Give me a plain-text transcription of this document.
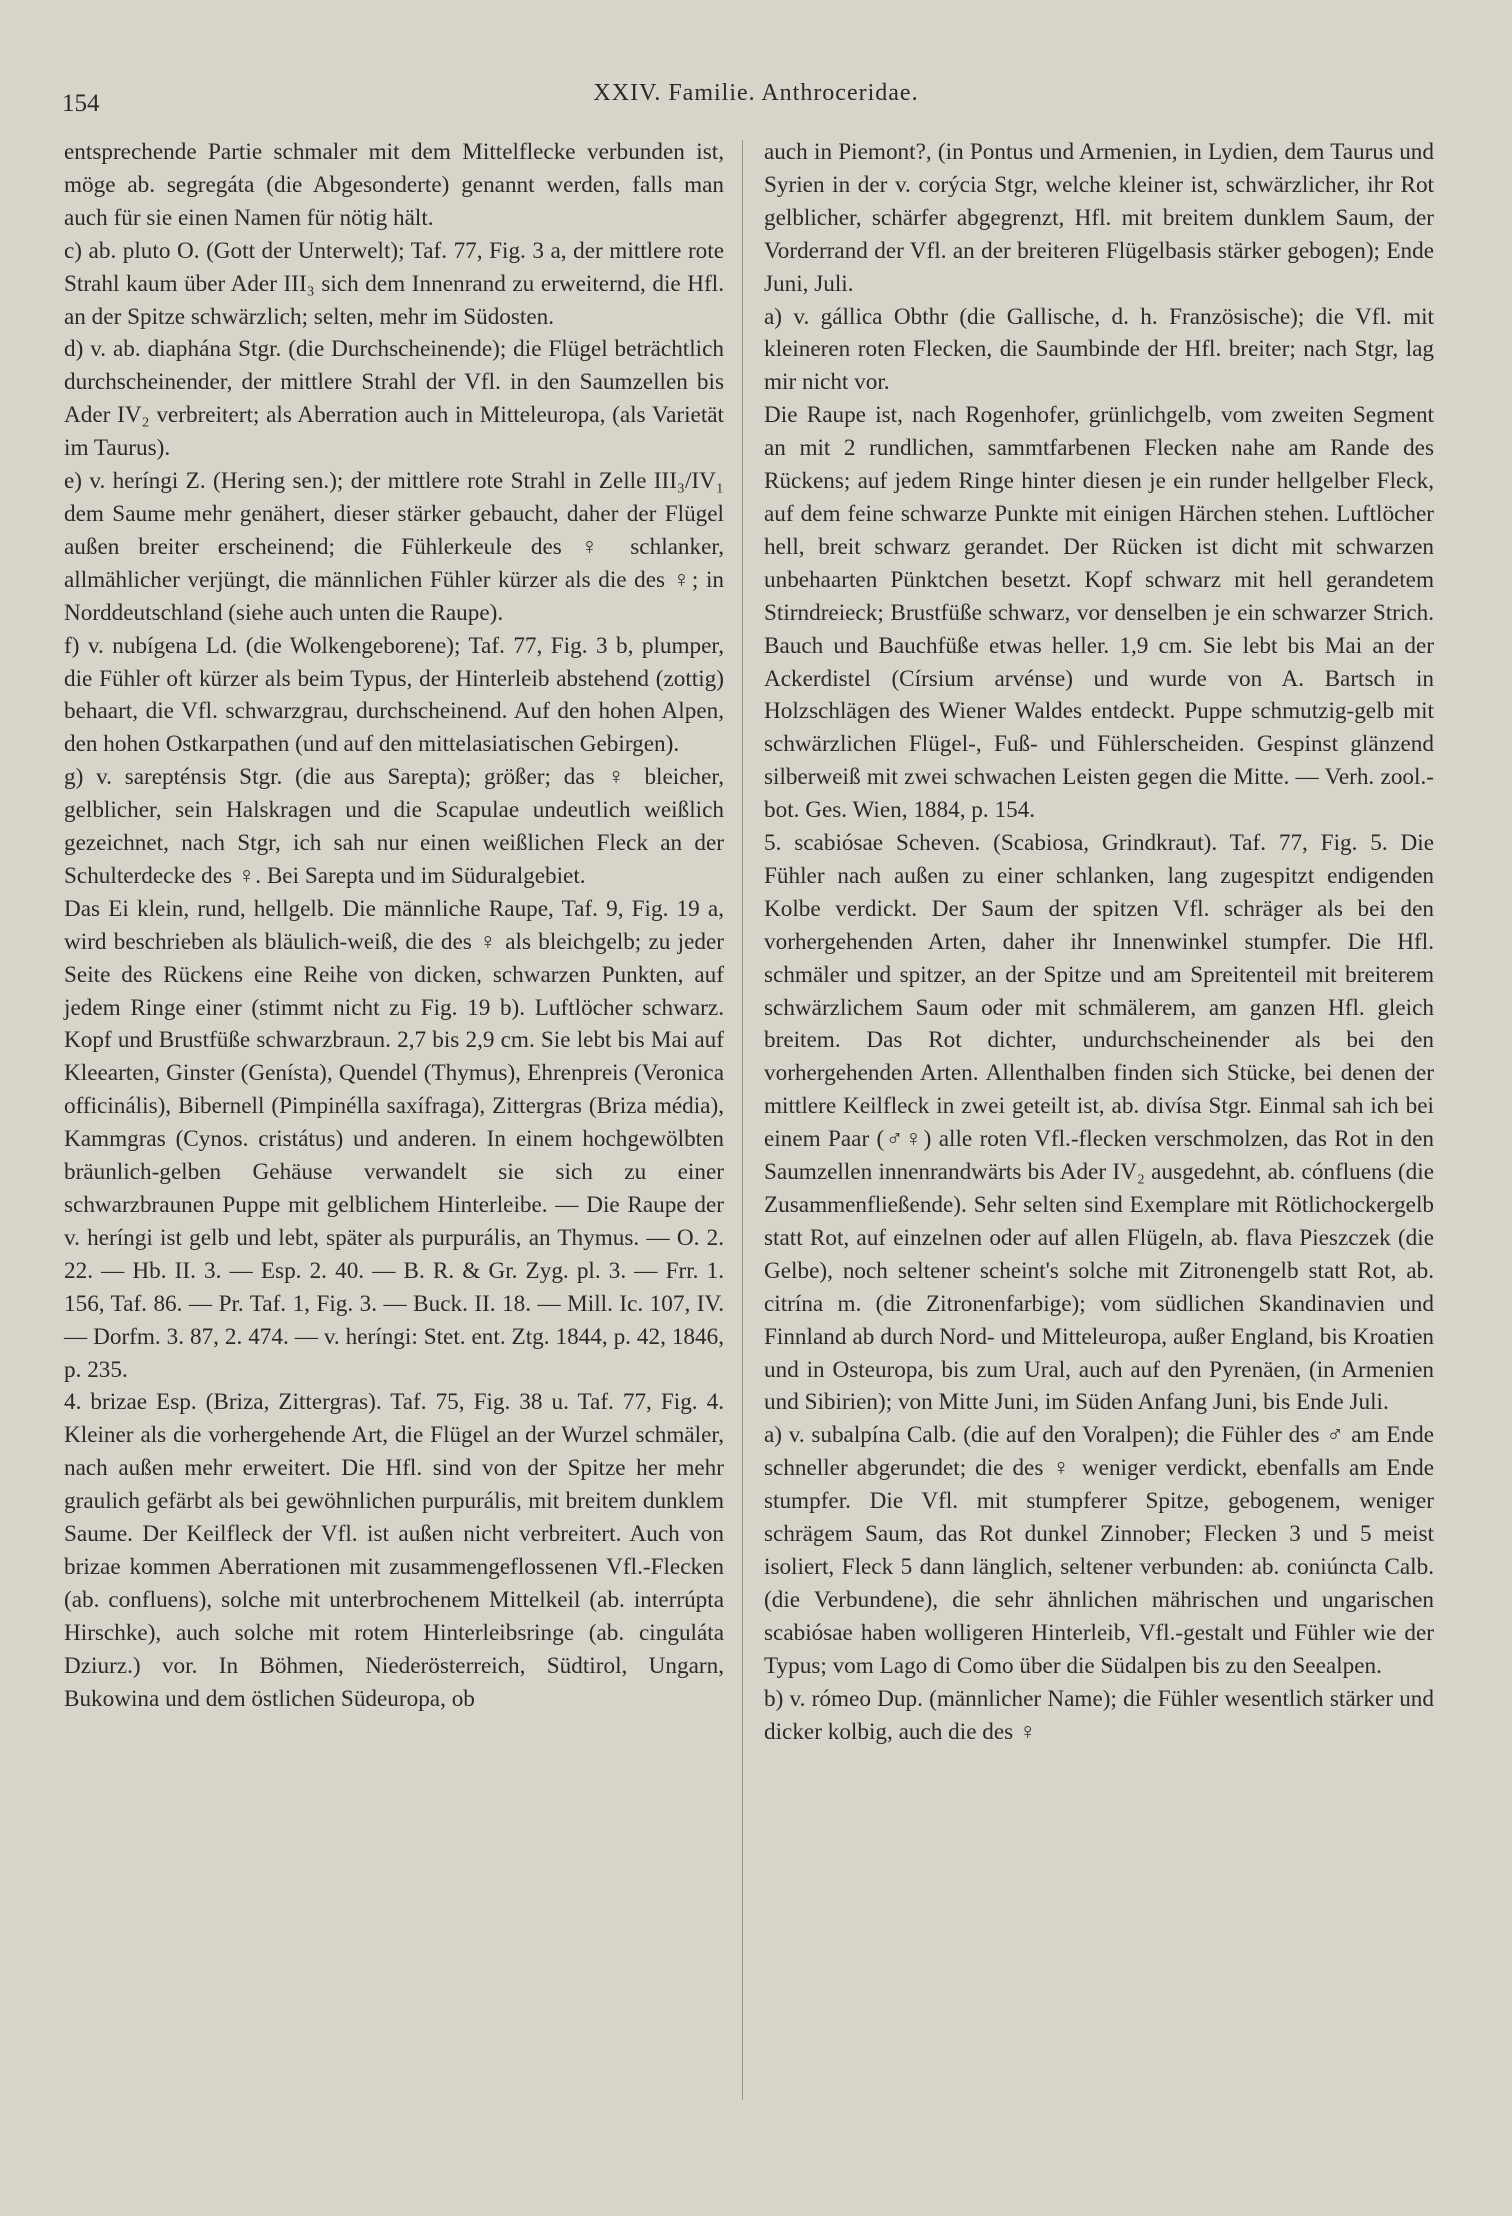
154	XXIV. Familie. Anthroceridae.
entsprechende Partie schmaler mit dem Mittelflecke verbunden ist, möge ab. segregáta (die Abgesonderte) genannt werden, falls man auch für sie einen Namen für nötig hält.
c) ab. pluto O. (Gott der Unterwelt); Taf. 77, Fig. 3 a, der mittlere rote Strahl kaum über Ader III₃ sich dem Innenrand zu erweiternd, die Hfl. an der Spitze schwärzlich; selten, mehr im Südosten.
d) v. ab. diaphána Stgr. (die Durchscheinende); die Flügel beträchtlich durchscheinender, der mittlere Strahl der Vfl. in den Saumzellen bis Ader IV₂ verbreitert; als Aberration auch in Mitteleuropa, (als Varietät im Taurus).
e) v. heríngi Z. (Hering sen.); der mittlere rote Strahl in Zelle III₃/IV₁ dem Saume mehr genähert, dieser stärker gebaucht, daher der Flügel außen breiter erscheinend; die Fühlerkeule des ♀ schlanker, allmählicher verjüngt, die männlichen Fühler kürzer als die des ♀; in Norddeutschland (siehe auch unten die Raupe).
f) v. nubígena Ld. (die Wolkengeborene); Taf. 77, Fig. 3 b, plumper, die Fühler oft kürzer als beim Typus, der Hinterleib abstehend (zottig) behaart, die Vfl. schwarzgrau, durchscheinend. Auf den hohen Alpen, den hohen Ostkarpathen (und auf den mittelasiatischen Gebirgen).
g) v. sarepténsis Stgr. (die aus Sarepta); größer; das ♀ bleicher, gelblicher, sein Halskragen und die Scapulae undeutlich weißlich gezeichnet, nach Stgr, ich sah nur einen weißlichen Fleck an der Schulterdecke des ♀. Bei Sarepta und im Süduralgebiet.
Das Ei klein, rund, hellgelb. Die männliche Raupe, Taf. 9, Fig. 19 a, wird beschrieben als bläulich-weiß, die des ♀ als bleichgelb; zu jeder Seite des Rückens eine Reihe von dicken, schwarzen Punkten, auf jedem Ringe einer (stimmt nicht zu Fig. 19 b). Luftlöcher schwarz. Kopf und Brustfüße schwarzbraun. 2,7 bis 2,9 cm. Sie lebt bis Mai auf Kleearten, Ginster (Genísta), Quendel (Thymus), Ehrenpreis (Veronica officinális), Bibernell (Pimpinélla saxífraga), Zittergras (Briza média), Kammgras (Cynos. cristátus) und anderen. In einem hochgewölbten bräunlich-gelben Gehäuse verwandelt sie sich zu einer schwarzbraunen Puppe mit gelblichem Hinterleibe. — Die Raupe der v. heríngi ist gelb und lebt, später als purpurális, an Thymus. — O. 2. 22. — Hb. II. 3. — Esp. 2. 40. — B. R. & Gr. Zyg. pl. 3. — Frr. 1. 156, Taf. 86. — Pr. Taf. 1, Fig. 3. — Buck. II. 18. — Mill. Ic. 107, IV. — Dorfm. 3. 87, 2. 474. — v. heríngi: Stet. ent. Ztg. 1844, p. 42, 1846, p. 235.
4. brizae Esp. (Briza, Zittergras). Taf. 75, Fig. 38 u. Taf. 77, Fig. 4. Kleiner als die vorhergehende Art, die Flügel an der Wurzel schmäler, nach außen mehr erweitert. Die Hfl. sind von der Spitze her mehr graulich gefärbt als bei gewöhnlichen purpurális, mit breitem dunklem Saume. Der Keilfleck der Vfl. ist außen nicht verbreitert. Auch von brizae kommen Aberrationen mit zusammengeflossenen Vfl.-Flecken (ab. confluens), solche mit unterbrochenem Mittelkeil (ab. interrúpta Hirschke), auch solche mit rotem Hinterleibsringe (ab. cinguláta Dziurz.) vor. In Böhmen, Niederösterreich, Südtirol, Ungarn, Bukowina und dem östlichen Südeuropa, ob
auch in Piemont?, (in Pontus und Armenien, in Lydien, dem Taurus und Syrien in der v. corýcia Stgr, welche kleiner ist, schwärzlicher, ihr Rot gelblicher, schärfer abgegrenzt, Hfl. mit breitem dunklem Saum, der Vorderrand der Vfl. an der breiteren Flügelbasis stärker gebogen); Ende Juni, Juli.
a) v. gállica Obthr (die Gallische, d. h. Französische); die Vfl. mit kleineren roten Flecken, die Saumbinde der Hfl. breiter; nach Stgr, lag mir nicht vor.
Die Raupe ist, nach Rogenhofer, grünlichgelb, vom zweiten Segment an mit 2 rundlichen, sammtfarbenen Flecken nahe am Rande des Rückens; auf jedem Ringe hinter diesen je ein runder hellgelber Fleck, auf dem feine schwarze Punkte mit einigen Härchen stehen. Luftlöcher hell, breit schwarz gerandet. Der Rücken ist dicht mit schwarzen unbehaarten Pünktchen besetzt. Kopf schwarz mit hell gerandetem Stirndreieck; Brustfüße schwarz, vor denselben je ein schwarzer Strich. Bauch und Bauchfüße etwas heller. 1,9 cm. Sie lebt bis Mai an der Ackerdistel (Círsium arvénse) und wurde von A. Bartsch in Holzschlägen des Wiener Waldes entdeckt. Puppe schmutzig-gelb mit schwärzlichen Flügel-, Fuß- und Fühlerscheiden. Gespinst glänzend silberweiß mit zwei schwachen Leisten gegen die Mitte. — Verh. zool.-bot. Ges. Wien, 1884, p. 154.
5. scabiósae Scheven. (Scabiosa, Grindkraut). Taf. 77, Fig. 5. Die Fühler nach außen zu einer schlanken, lang zugespitzt endigenden Kolbe verdickt. Der Saum der spitzen Vfl. schräger als bei den vorhergehenden Arten, daher ihr Innenwinkel stumpfer. Die Hfl. schmäler und spitzer, an der Spitze und am Spreitenteil mit breiterem schwärzlichem Saum oder mit schmälerem, am ganzen Hfl. gleich breitem. Das Rot dichter, undurchscheinender als bei den vorhergehenden Arten. Allenthalben finden sich Stücke, bei denen der mittlere Keilfleck in zwei geteilt ist, ab. divísa Stgr. Einmal sah ich bei einem Paar (♂♀) alle roten Vfl.-flecken verschmolzen, das Rot in den Saumzellen innenrandwärts bis Ader IV₂ ausgedehnt, ab. cónfluens (die Zusammenfließende). Sehr selten sind Exemplare mit Rötlichockergelb statt Rot, auf einzelnen oder auf allen Flügeln, ab. flava Pieszczek (die Gelbe), noch seltener scheint's solche mit Zitronengelb statt Rot, ab. citrína m. (die Zitronenfarbige); vom südlichen Skandinavien und Finnland ab durch Nord- und Mitteleuropa, außer England, bis Kroatien und in Osteuropa, bis zum Ural, auch auf den Pyrenäen, (in Armenien und Sibirien); von Mitte Juni, im Süden Anfang Juni, bis Ende Juli.
a) v. subalpína Calb. (die auf den Voralpen); die Fühler des ♂ am Ende schneller abgerundet; die des ♀ weniger verdickt, ebenfalls am Ende stumpfer. Die Vfl. mit stumpferer Spitze, gebogenem, weniger schrägem Saum, das Rot dunkel Zinnober; Flecken 3 und 5 meist isoliert, Fleck 5 dann länglich, seltener verbunden: ab. coniúncta Calb. (die Verbundene), die sehr ähnlichen mährischen und ungarischen scabiósae haben wolligeren Hinterleib, Vfl.-gestalt und Fühler wie der Typus; vom Lago di Como über die Südalpen bis zu den Seealpen.
b) v. rómeo Dup. (männlicher Name); die Fühler wesentlich stärker und dicker kolbig, auch die des ♀
